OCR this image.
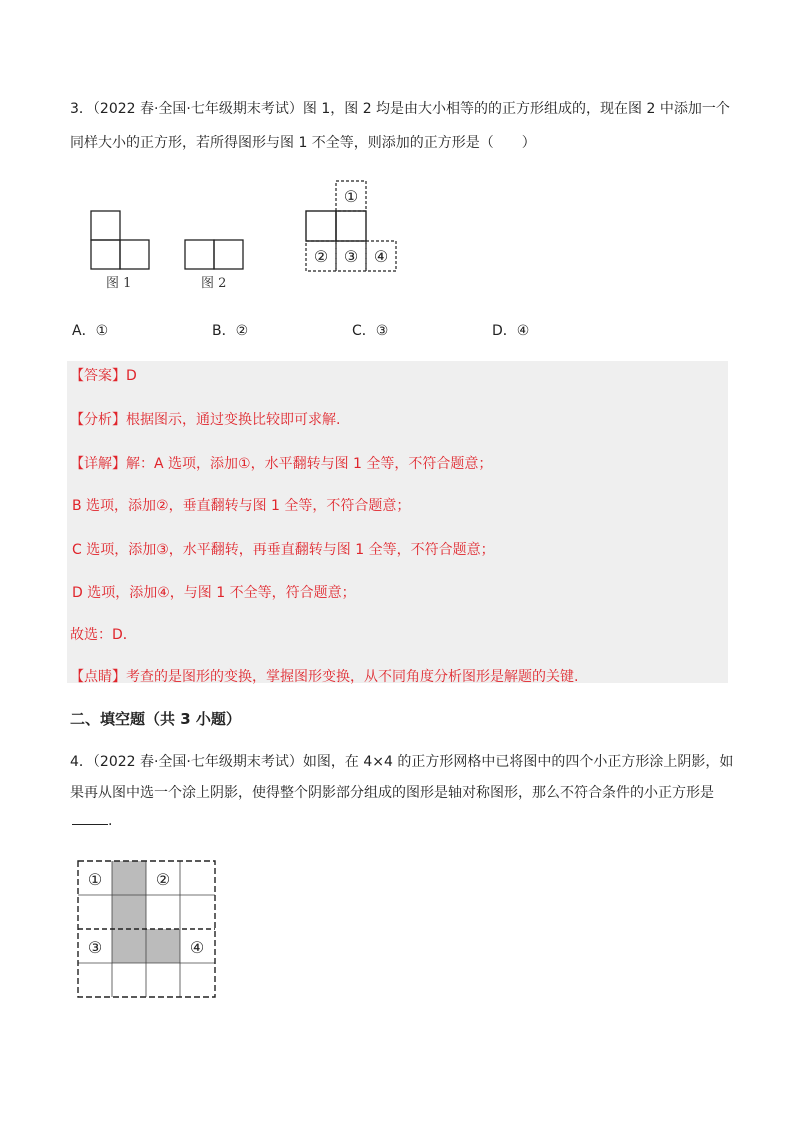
3．（2022 春·全国·七年级期末考试）图 1，图 2 均是由大小相等的的正方形组成的，现在图 2 中添加一个
同样大小的正方形，若所得图形与图 1 不全等，则添加的正方形是（　　）
图 1	图 2
①
② ③ ④
A．①	B．②	C．③	D．④
【答案】D
【分析】根据图示，通过变换比较即可求解.
【详解】解：A 选项，添加①，水平翻转与图 1 全等，不符合题意；
B 选项，添加②，垂直翻转与图 1 全等，不符合题意；
C 选项，添加③，水平翻转，再垂直翻转与图 1 全等，不符合题意；
D 选项，添加④，与图 1 不全等，符合题意；
故选：D．
【点睛】考查的是图形的变换，掌握图形变换，从不同角度分析图形是解题的关键.
二、填空题（共 3 小题）
4．（2022 春·全国·七年级期末考试）如图，在 4×4 的正方形网格中已将图中的四个小正方形涂上阴影，如
果再从图中选一个涂上阴影，使得整个阴影部分组成的图形是轴对称图形，那么不符合条件的小正方形是
.
①	②
③	④
